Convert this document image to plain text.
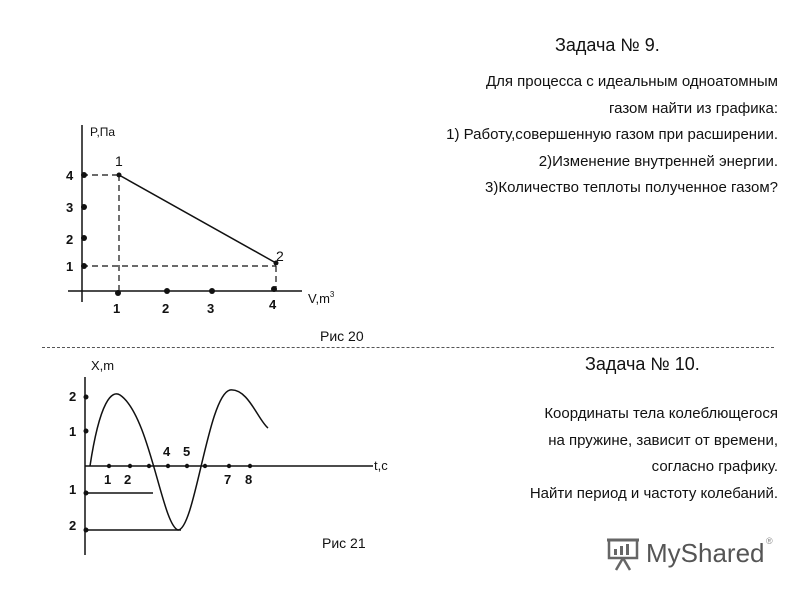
Задача № 9.
Для процесса с идеальным одноатомным
газом найти из графика:
1) Работу,совершенную газом при расширении.
2)Изменение внутренней энергии.
3)Количество теплоты полученное газом?
Задача № 10.
Координаты тела колеблющегося
на пружине, зависит от времени,
согласно графику.
Найти период и частоту колебаний.
P,Па
$V,m^3$
4
3
2
1
1	2	3	4
1
2
Рис 20
X,m
t,c
2
1
1
2
1 2
4 5
7 8
Рис 21	MyShared ®
